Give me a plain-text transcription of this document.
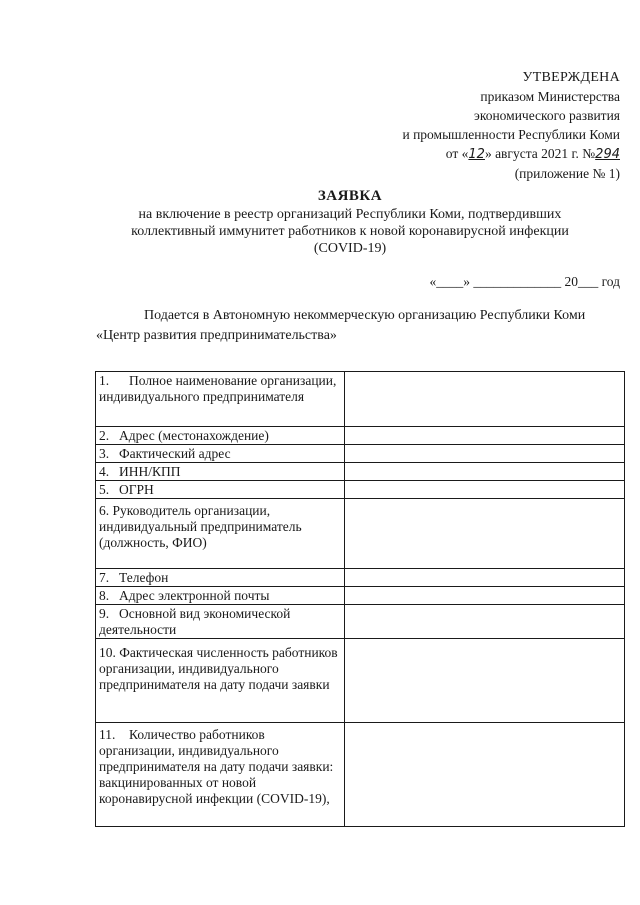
УТВЕРЖДЕНА
приказом Министерства
экономического развития
и промышленности Республики Коми
от «12» августа 2021 г. №294
(приложение № 1)
ЗАЯВКА
на включение в реестр организаций Республики Коми, подтвердивших
коллективный иммунитет работников к новой коронавирусной инфекции
(COVID-19)
«____» _____________ 20___ год
Подается в Автономную некоммерческую организацию Республики Коми
«Центр развития предпринимательства»
1. Полное наименование организации, индивидуального предпринимателя	
2. Адрес (местонахождение)	
3. Фактический адрес	
4. ИНН/КПП	
5. ОГРН	
6. Руководитель организации, индивидуальный предприниматель (должность, ФИО)	
7. Телефон	
8. Адрес электронной почты	
9. Основной вид экономической деятельности	
10. Фактическая численность работников организации, индивидуального предпринимателя на дату подачи заявки	
11. Количество работников организации, индивидуального предпринимателя на дату подачи заявки: вакцинированных от новой коронавирусной инфекции (COVID-19),	
